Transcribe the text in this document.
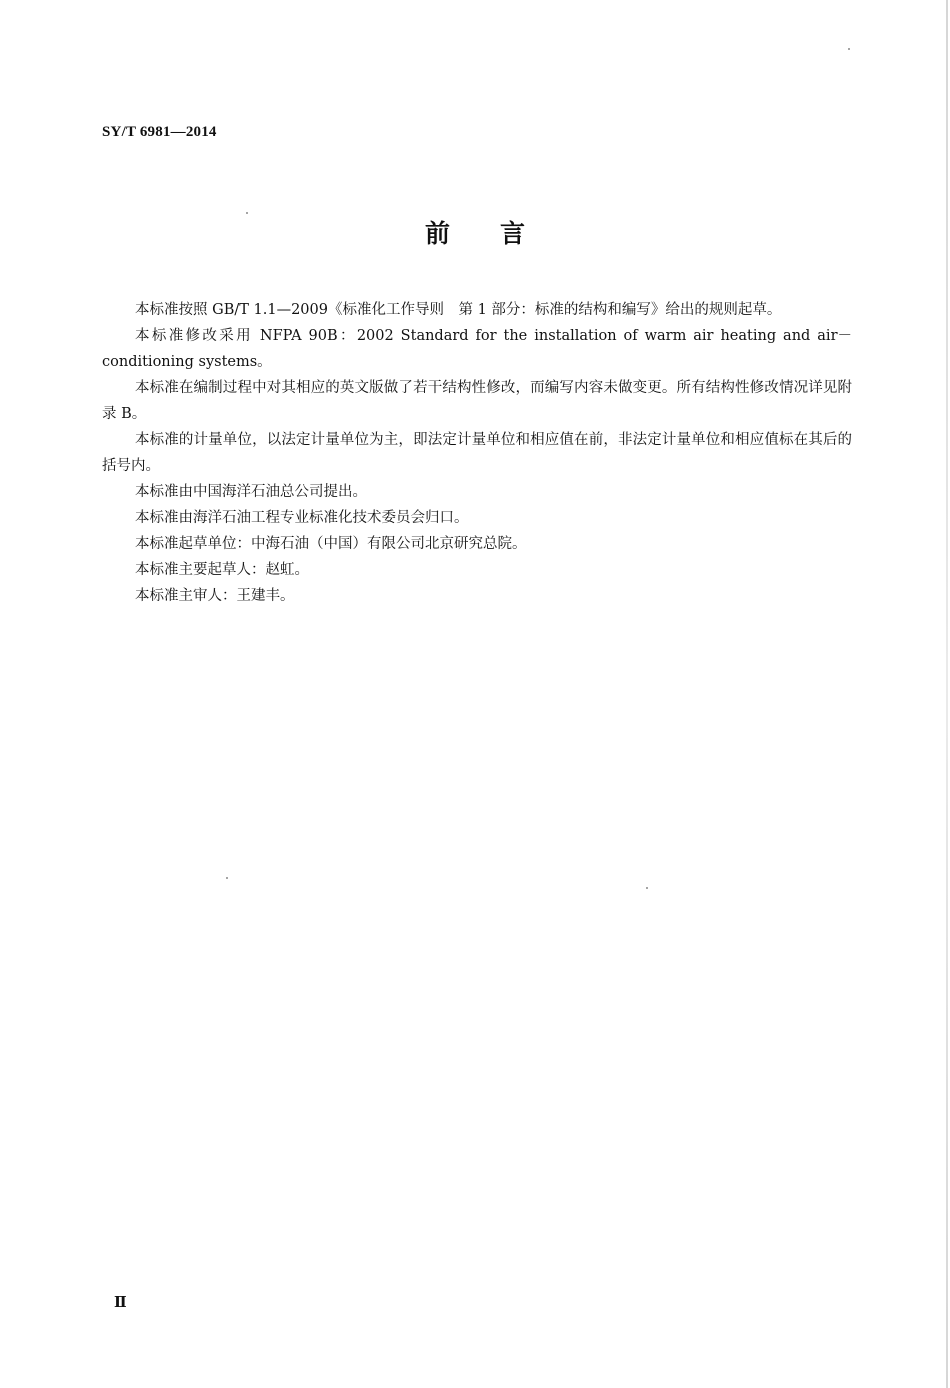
SY/T 6981—2014
前言

本标准按照 GB/T 1.1—2009《标准化工作导则　第 1 部分：标准的结构和编写》给出的规则起草。

本标准修改采用 NFPA 90B：2002 Standard for the installation of warm air heating and air－conditioning systems。

本标准在编制过程中对其相应的英文版做了若干结构性修改，而编写内容未做变更。所有结构性修改情况详见附录 B。

本标准的计量单位，以法定计量单位为主，即法定计量单位和相应值在前，非法定计量单位和相应值标在其后的括号内。

本标准由中国海洋石油总公司提出。

本标准由海洋石油工程专业标准化技术委员会归口。

本标准起草单位：中海石油（中国）有限公司北京研究总院。

本标准主要起草人：赵虹。

本标准主审人：王建丰。

Ⅱ
